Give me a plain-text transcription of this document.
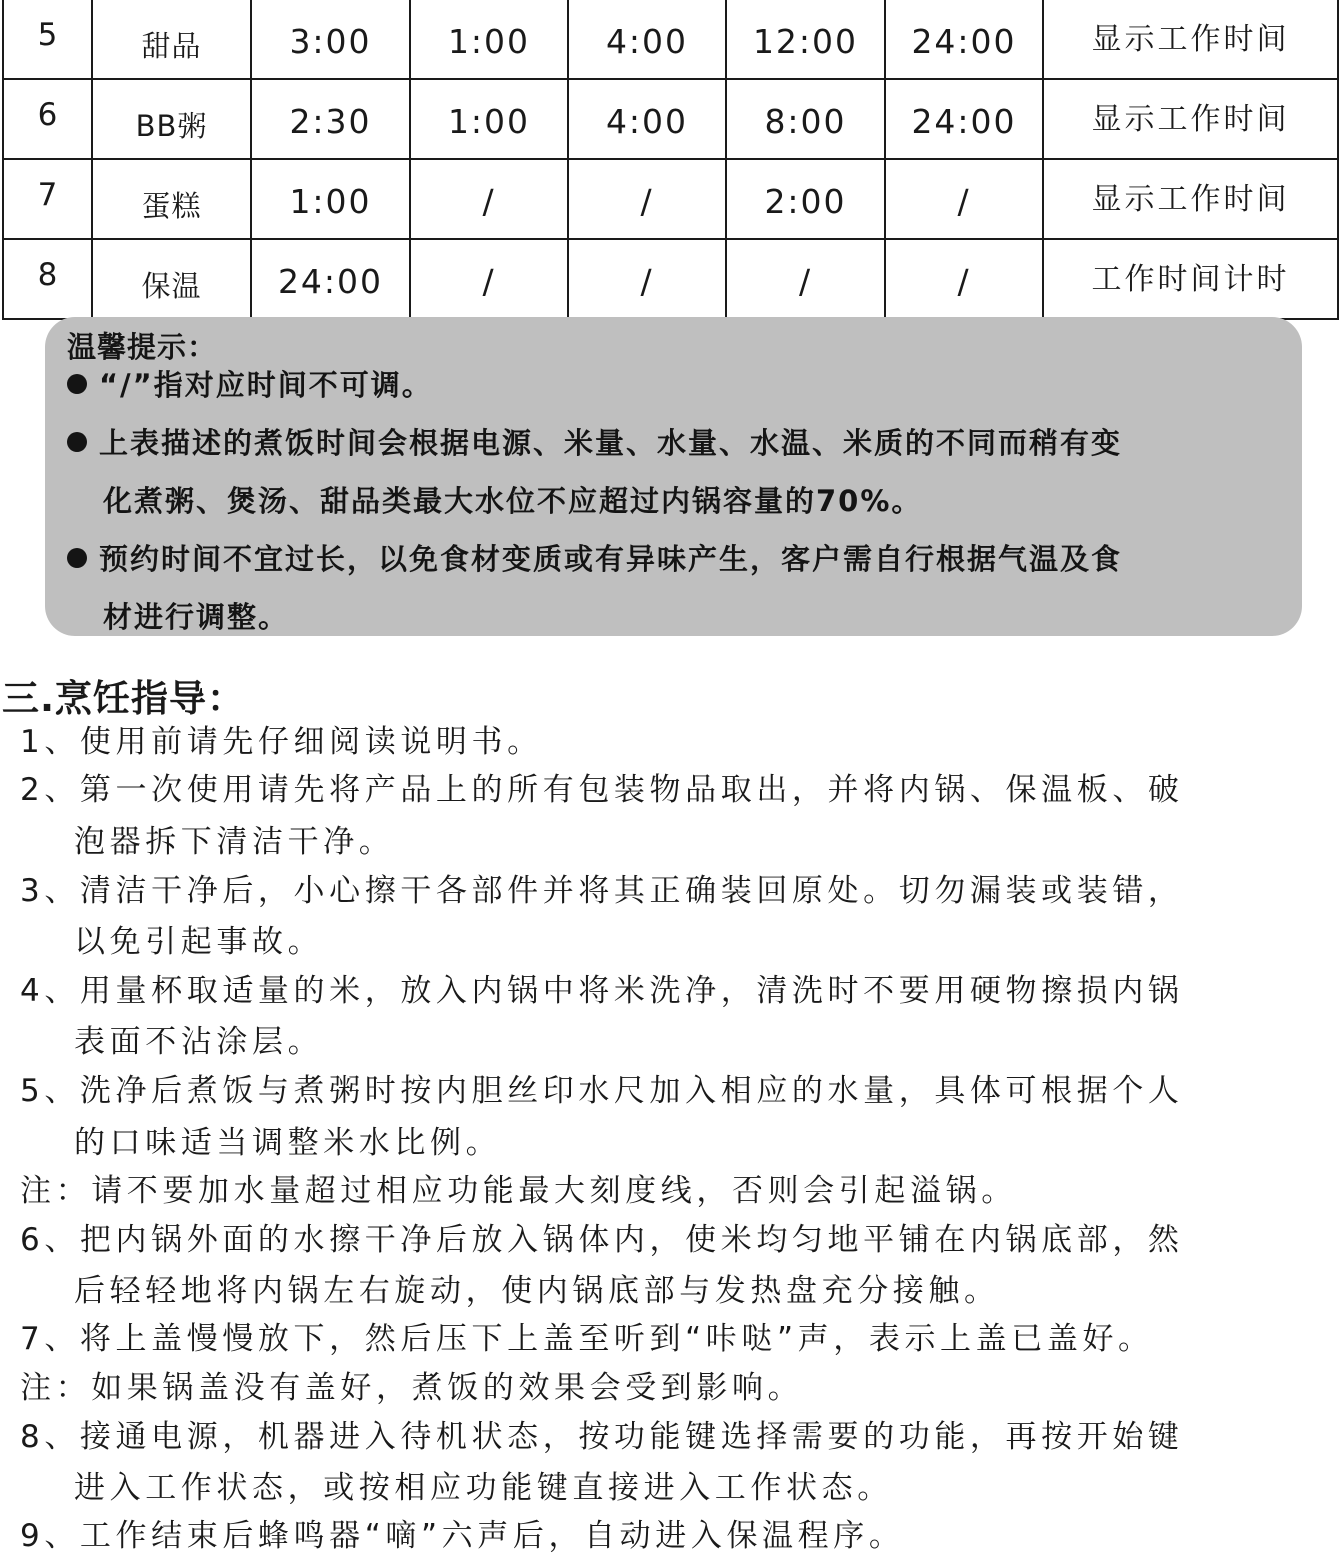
5	甜品	3:00	1:00	4:00	12:00	24:00	显示工作时间
6	BB粥	2:30	1:00	4:00	8:00	24:00	显示工作时间
7	蛋糕	1:00	/	/	2:00	/	显示工作时间
8	保温	24:00	/	/	/	/	工作时间计时
温馨提示：
“/”指对应时间不可调。
上表描述的煮饭时间会根据电源、米量、水量、水温、米质的不同而稍有变
化煮粥、煲汤、甜品类最大水位不应超过内锅容量的70%。
预约时间不宜过长，以免食材变质或有异味产生，客户需自行根据气温及食
材进行调整。
三.烹饪指导：
1、使用前请先仔细阅读说明书。
2、第一次使用请先将产品上的所有包装物品取出，并将内锅、保温板、破
泡器拆下清洁干净。
3、清洁干净后，小心擦干各部件并将其正确装回原处。切勿漏装或装错，
以免引起事故。
4、用量杯取适量的米，放入内锅中将米洗净，清洗时不要用硬物擦损内锅
表面不沾涂层。
5、洗净后煮饭与煮粥时按内胆丝印水尺加入相应的水量，具体可根据个人
的口味适当调整米水比例。
注：请不要加水量超过相应功能最大刻度线，否则会引起溢锅。
6、把内锅外面的水擦干净后放入锅体内，使米均匀地平铺在内锅底部，然
后轻轻地将内锅左右旋动，使内锅底部与发热盘充分接触。
7、将上盖慢慢放下，然后压下上盖至听到“咔哒”声，表示上盖已盖好。
注：如果锅盖没有盖好，煮饭的效果会受到影响。
8、接通电源，机器进入待机状态，按功能键选择需要的功能，再按开始键
进入工作状态，或按相应功能键直接进入工作状态。
9、工作结束后蜂鸣器“嘀”六声后，自动进入保温程序。
